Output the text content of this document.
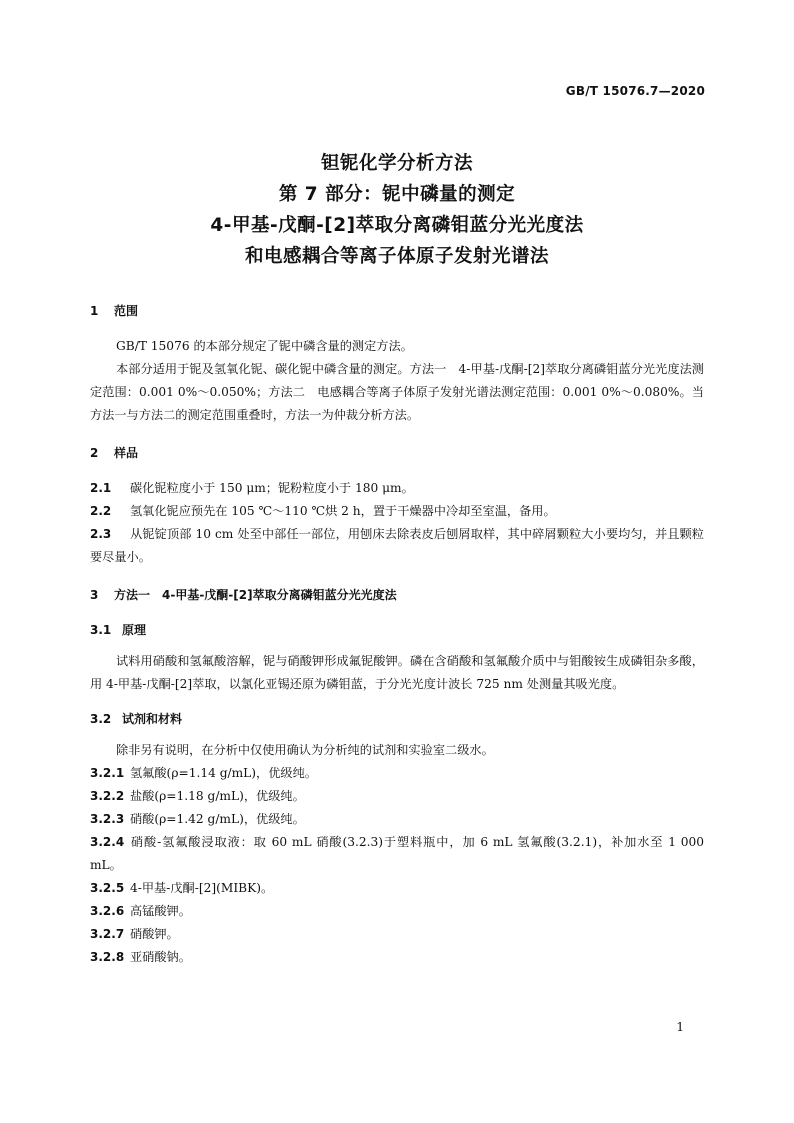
GB/T 15076.7—2020
钽铌化学分析方法
第 7 部分：铌中磷量的测定
4-甲基-戊酮-[2]萃取分离磷钼蓝分光光度法
和电感耦合等离子体原子发射光谱法
1 范围
GB/T 15076 的本部分规定了铌中磷含量的测定方法。
本部分适用于铌及氢氧化铌、碳化铌中磷含量的测定。方法一　4-甲基-戊酮-[2]萃取分离磷钼蓝分光光度法测定范围：0.001 0%～0.050%；方法二　电感耦合等离子体原子发射光谱法测定范围：0.001 0%～0.080%。当方法一与方法二的测定范围重叠时，方法一为仲裁分析方法。
2 样品
2.1 碳化铌粒度小于 150 μm；铌粉粒度小于 180 μm。
2.2 氢氧化铌应预先在 105 ℃～110 ℃烘 2 h，置于干燥器中冷却至室温，备用。
2.3 从铌锭顶部 10 cm 处至中部任一部位，用刨床去除表皮后刨屑取样，其中碎屑颗粒大小要均匀，并且颗粒要尽量小。
3 方法一　4-甲基-戊酮-[2]萃取分离磷钼蓝分光光度法
3.1 原理
试料用硝酸和氢氟酸溶解，铌与硝酸钾形成氟铌酸钾。磷在含硝酸和氢氟酸介质中与钼酸铵生成磷钼杂多酸，用 4-甲基-戊酮-[2]萃取，以氯化亚锡还原为磷钼蓝，于分光光度计波长 725 nm 处测量其吸光度。
3.2 试剂和材料
除非另有说明，在分析中仅使用确认为分析纯的试剂和实验室二级水。
3.2.1 氢氟酸(ρ=1.14 g/mL)，优级纯。
3.2.2 盐酸(ρ=1.18 g/mL)，优级纯。
3.2.3 硝酸(ρ=1.42 g/mL)，优级纯。
3.2.4 硝酸-氢氟酸浸取液：取 60 mL 硝酸(3.2.3)于塑料瓶中，加 6 mL 氢氟酸(3.2.1)，补加水至 1 000 mL。
3.2.5 4-甲基-戊酮-[2](MIBK)。
3.2.6 高锰酸钾。
3.2.7 硝酸钾。
3.2.8 亚硝酸钠。
1
